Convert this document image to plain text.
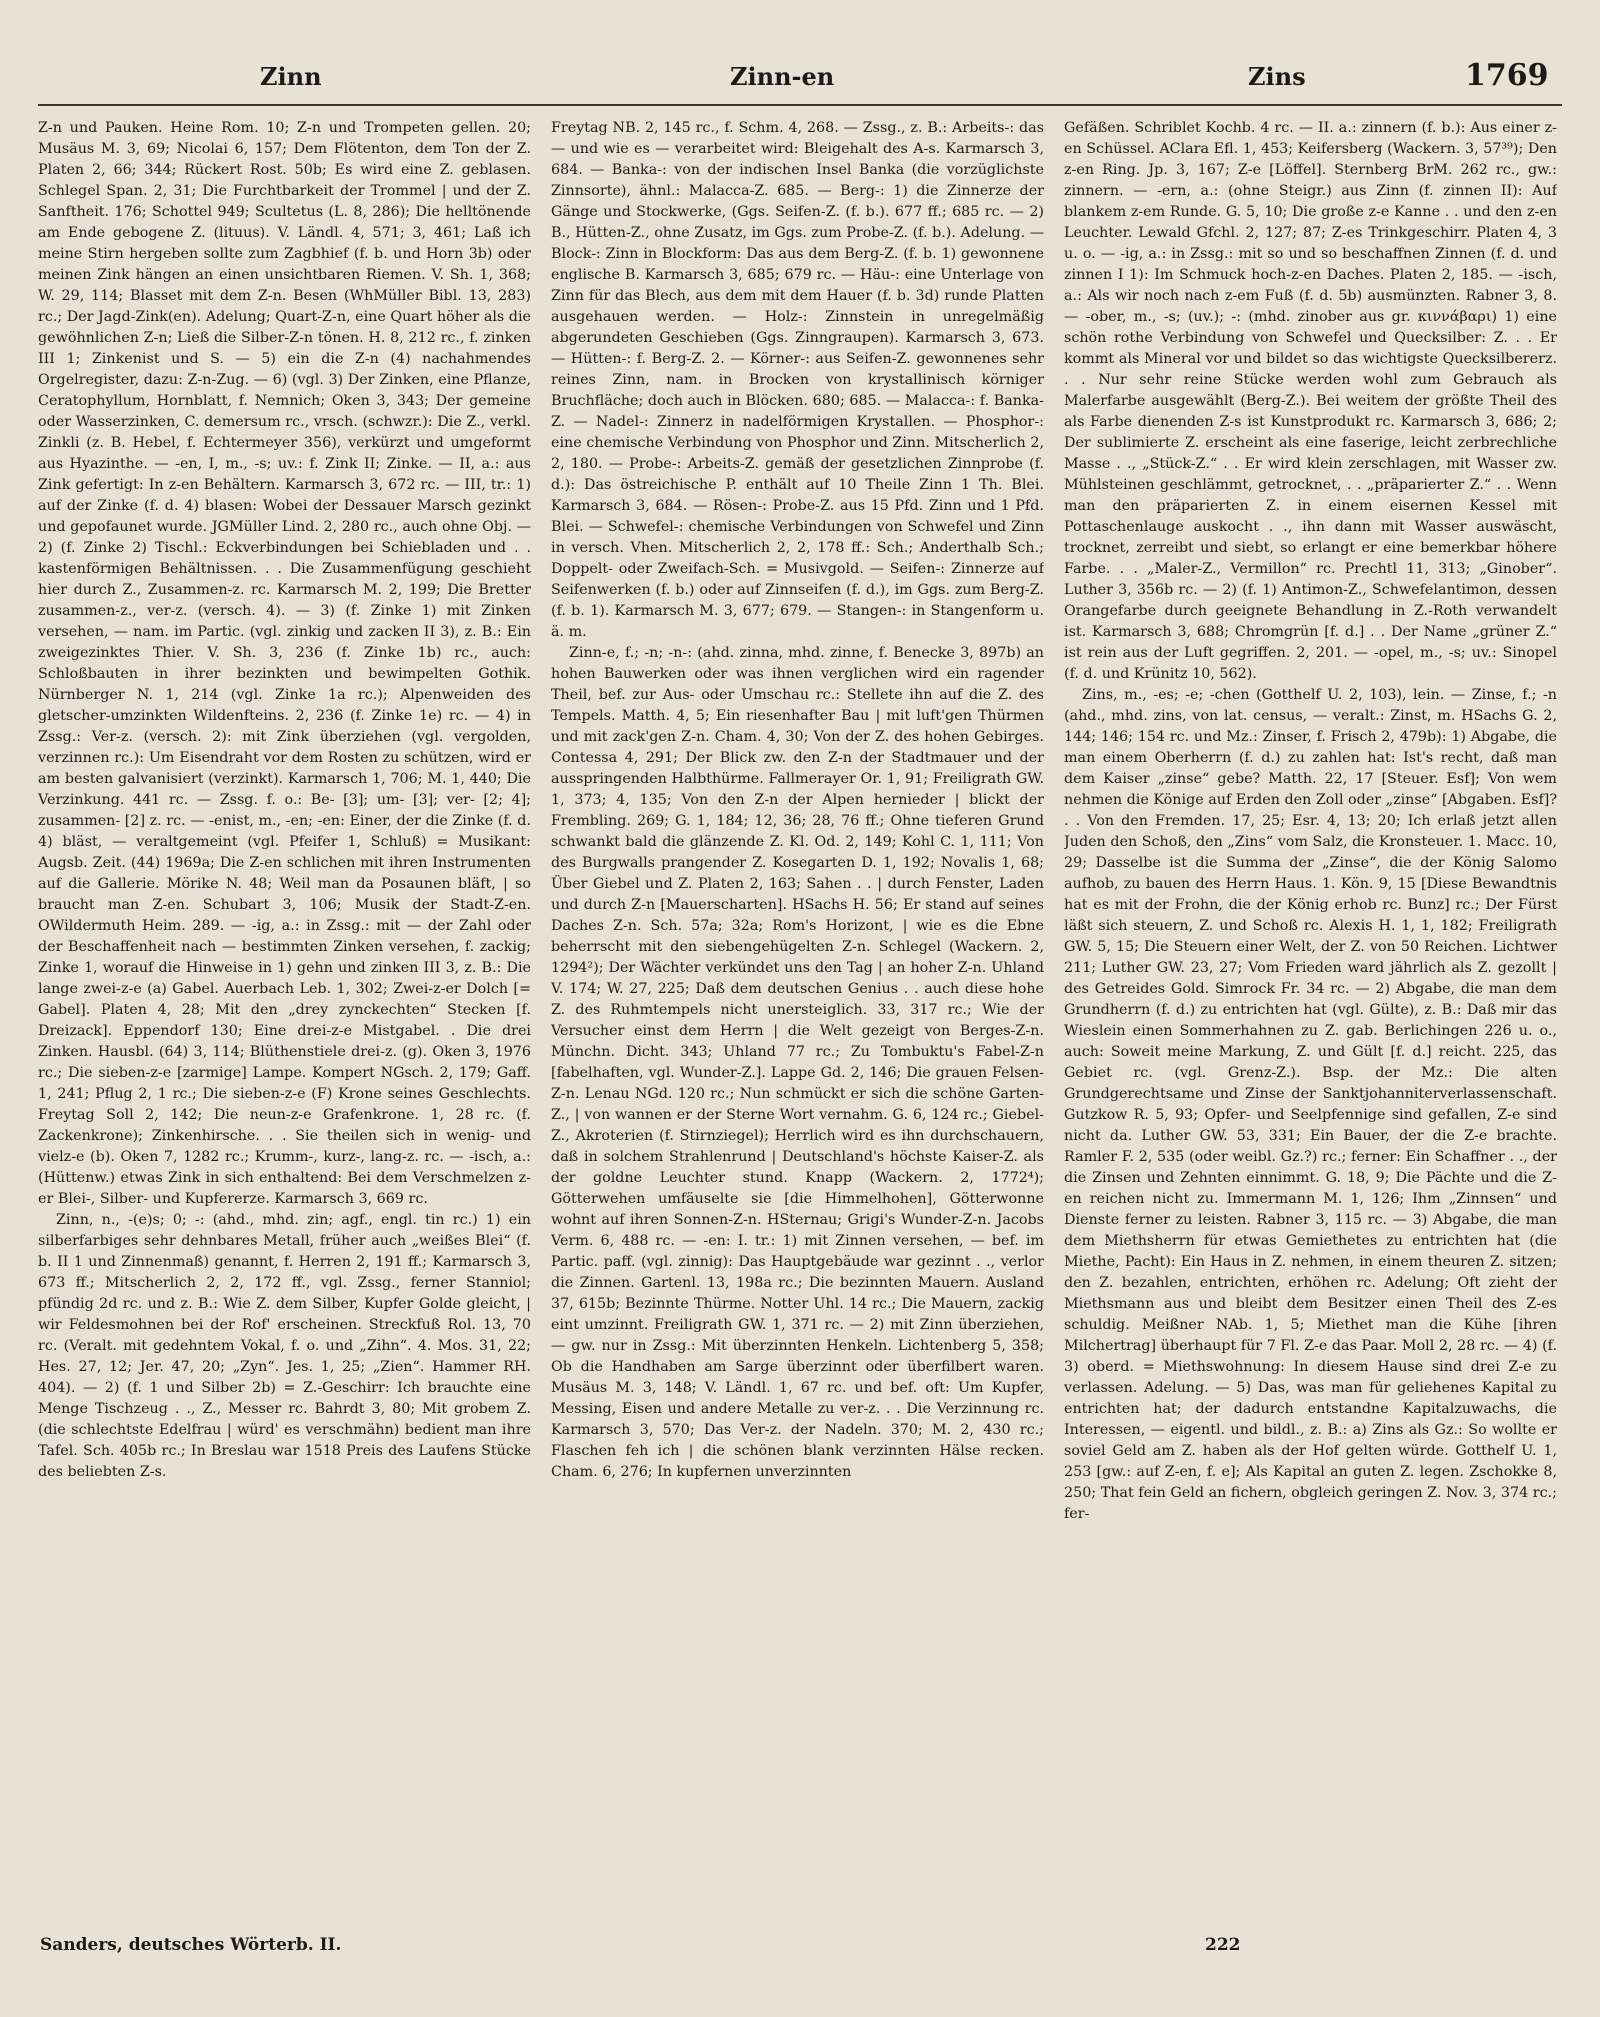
Zinn	Zinn-en	Zins	1769

Z-n und Pauken. Heine Rom. 10; Z-n und Trompeten gellen. 20; Musäus M. 3, 69; Nicolai 6, 157; Dem Flötenton, dem Ton der Z. Platen 2, 66; 344; Rückert Rost. 50b; Es wird eine Z. geblasen. Schlegel Span. 2, 31; Die Furchtbarkeit der Trommel | und der Z. Sanftheit. 176; Schottel 949; Scultetus (L. 8, 286); Die helltönende am Ende gebogene Z. (lituus). V. Ländl. 4, 571; 3, 461; Laß ich meine Stirn hergeben sollte zum Zagbhief (f. b. und Horn 3b) oder meinen Zink hängen an einen unsichtbaren Riemen. V. Sh. 1, 368; W. 29, 114; Blasset mit dem Z-n. Besen (WhMüller Bibl. 13, 283) rc.; Der Jagd-Zink(en). Adelung; Quart-Z-n, eine Quart höher als die gewöhnlichen Z-n; Ließ die Silber-Z-n tönen. H. 8, 212 rc., f. zinken III 1; Zinkenist und S. — 5) ein die Z-n (4) nachahmendes Orgelregister, dazu: Z-n-Zug. — 6) (vgl. 3) Der Zinken, eine Pflanze, Ceratophyllum, Hornblatt, f. Nemnich; Oken 3, 343; Der gemeine oder Wasserzinken, C. demersum rc., vrsch. (schwzr.): Die Z., verkl. Zinkli (z. B. Hebel, f. Echtermeyer 356), verkürzt und umgeformt aus Hyazinthe. — -en, I, m., -s; uv.: f. Zink II; Zinke. — II, a.: aus Zink gefertigt: In z-en Behältern. Karmarsch 3, 672 rc. — III, tr.: 1) auf der Zinke (f. d. 4) blasen: Wobei der Dessauer Marsch gezinkt und gepofaunet wurde. JGMüller Lind. 2, 280 rc., auch ohne Obj. — 2) (f. Zinke 2) Tischl.: Eckverbindungen bei Schiebladen und . . kastenförmigen Behältnissen. . . Die Zusammenfügung geschieht hier durch Z., Zusammen-z. rc. Karmarsch M. 2, 199; Die Bretter zusammen-z., ver-z. (versch. 4). — 3) (f. Zinke 1) mit Zinken versehen, — nam. im Partic. (vgl. zinkig und zacken II 3), z. B.: Ein zweigezinktes Thier. V. Sh. 3, 236 (f. Zinke 1b) rc., auch: Schloßbauten in ihrer bezinkten und bewimpelten Gothik. Nürnberger N. 1, 214 (vgl. Zinke 1a rc.); Alpenweiden des gletscher-umzinkten Wildenfteins. 2, 236 (f. Zinke 1e) rc. — 4) in Zssg.: Ver-z. (versch. 2): mit Zink überziehen (vgl. vergolden, verzinnen rc.): Um Eisendraht vor dem Rosten zu schützen, wird er am besten galvanisiert (verzinkt). Karmarsch 1, 706; M. 1, 440; Die Verzinkung. 441 rc. — Zssg. f. o.: Be- [3]; um- [3]; ver- [2; 4]; zusammen- [2] z. rc. — -enist, m., -en; -en: Einer, der die Zinke (f. d. 4) bläst, — veraltgemeint (vgl. Pfeifer 1, Schluß) = Musikant: Augsb. Zeit. (44) 1969a; Die Z-en schlichen mit ihren Instrumenten auf die Gallerie. Mörike N. 48; Weil man da Posaunen bläft, | so braucht man Z-en. Schubart 3, 106; Musik der Stadt-Z-en. OWildermuth Heim. 289. — -ig, a.: in Zssg.: mit — der Zahl oder der Beschaffenheit nach — bestimmten Zinken versehen, f. zackig; Zinke 1, worauf die Hinweise in 1) gehn und zinken III 3, z. B.: Die lange zwei-z-e (a) Gabel. Auerbach Leb. 1, 302; Zwei-z-er Dolch [= Gabel]. Platen 4, 28; Mit den „drey zynckechten“ Stecken [f. Dreizack]. Eppendorf 130; Eine drei-z-e Mistgabel. . Die drei Zinken. Hausbl. (64) 3, 114; Blüthenstiele drei-z. (g). Oken 3, 1976 rc.; Die sieben-z-e [zarmige] Lampe. Kompert NGsch. 2, 179; Gaff. 1, 241; Pflug 2, 1 rc.; Die sieben-z-e (F) Krone seines Geschlechts. Freytag Soll 2, 142; Die neun-z-e Grafenkrone. 1, 28 rc. (f. Zackenkrone); Zinkenhirsche. . . Sie theilen sich in wenig- und vielz-e (b). Oken 7, 1282 rc.; Krumm-, kurz-, lang-z. rc. — -isch, a.: (Hüttenw.) etwas Zink in sich enthaltend: Bei dem Verschmelzen z-er Blei-, Silber- und Kupfererze. Karmarsch 3, 669 rc.

Zinn, n., -(e)s; 0; -: (ahd., mhd. zin; agf., engl. tin rc.) 1) ein silberfarbiges sehr dehnbares Metall, früher auch „weißes Blei“ (f. b. II 1 und Zinnenmaß) genannt, f. Herren 2, 191 ff.; Karmarsch 3, 673 ff.; Mitscherlich 2, 2, 172 ff., vgl. Zssg., ferner Stanniol; pfündig 2d rc. und z. B.: Wie Z. dem Silber, Kupfer Golde gleicht, | wir Feldesmohnen bei der Rof' erscheinen. Streckfuß Rol. 13, 70 rc. (Veralt. mit gedehntem Vokal, f. o. und „Zihn“. 4. Mos. 31, 22; Hes. 27, 12; Jer. 47, 20; „Zyn“. Jes. 1, 25; „Zien“. Hammer RH. 404). — 2) (f. 1 und Silber 2b) = Z.-Geschirr: Ich brauchte eine Menge Tischzeug . ., Z., Messer rc. Bahrdt 3, 80; Mit grobem Z. (die schlechtste Edelfrau | würd' es verschmähn) bedient man ihre Tafel. Sch. 405b rc.; In Breslau war 1518 Preis des Laufens Stücke des beliebten Z-s.

Freytag NB. 2, 145 rc., f. Schm. 4, 268. — Zssg., z. B.: Arbeits-: das — und wie es — verarbeitet wird: Bleigehalt des A-s. Karmarsch 3, 684. — Banka-: von der indischen Insel Banka (die vorzüglichste Zinnsorte), ähnl.: Malacca-Z. 685. — Berg-: 1) die Zinnerze der Gänge und Stockwerke, (Ggs. Seifen-Z. (f. b.). 677 ff.; 685 rc. — 2) B., Hütten-Z., ohne Zusatz, im Ggs. zum Probe-Z. (f. b.). Adelung. — Block-: Zinn in Blockform: Das aus dem Berg-Z. (f. b. 1) gewonnene englische B. Karmarsch 3, 685; 679 rc. — Häu-: eine Unterlage von Zinn für das Blech, aus dem mit dem Hauer (f. b. 3d) runde Platten ausgehauen werden. — Holz-: Zinnstein in unregelmäßig abgerundeten Geschieben (Ggs. Zinngraupen). Karmarsch 3, 673. — Hütten-: f. Berg-Z. 2. — Körner-: aus Seifen-Z. gewonnenes sehr reines Zinn, nam. in Brocken von krystallinisch körniger Bruchfläche; doch auch in Blöcken. 680; 685. — Malacca-: f. Banka-Z. — Nadel-: Zinnerz in nadelförmigen Krystallen. — Phosphor-: eine chemische Verbindung von Phosphor und Zinn. Mitscherlich 2, 2, 180. — Probe-: Arbeits-Z. gemäß der gesetzlichen Zinnprobe (f. d.): Das östreichische P. enthält auf 10 Theile Zinn 1 Th. Blei. Karmarsch 3, 684. — Rösen-: Probe-Z. aus 15 Pfd. Zinn und 1 Pfd. Blei. — Schwefel-: chemische Verbindungen von Schwefel und Zinn in versch. Vhen. Mitscherlich 2, 2, 178 ff.: Sch.; Anderthalb Sch.; Doppelt- oder Zweifach-Sch. = Musivgold. — Seifen-: Zinnerze auf Seifenwerken (f. b.) oder auf Zinnseifen (f. d.), im Ggs. zum Berg-Z. (f. b. 1). Karmarsch M. 3, 677; 679. — Stangen-: in Stangenform u. ä. m.

Zinn-e, f.; -n; -n-: (ahd. zinna, mhd. zinne, f. Benecke 3, 897b) an hohen Bauwerken oder was ihnen verglichen wird ein ragender Theil, bef. zur Aus- oder Umschau rc.: Stellete ihn auf die Z. des Tempels. Matth. 4, 5; Ein riesenhafter Bau | mit luft'gen Thürmen und mit zack'gen Z-n. Cham. 4, 30; Von der Z. des hohen Gebirges. Contessa 4, 291; Der Blick zw. den Z-n der Stadtmauer und der ausspringenden Halbthürme. Fallmerayer Or. 1, 91; Freiligrath GW. 1, 373; 4, 135; Von den Z-n der Alpen hernieder | blickt der Frembling. 269; G. 1, 184; 12, 36; 28, 76 ff.; Ohne tieferen Grund schwankt bald die glänzende Z. Kl. Od. 2, 149; Kohl C. 1, 111; Von des Burgwalls prangender Z. Kosegarten D. 1, 192; Novalis 1, 68; Über Giebel und Z. Platen 2, 163; Sahen . . | durch Fenster, Laden und durch Z-n [Mauerscharten]. HSachs H. 56; Er stand auf seines Daches Z-n. Sch. 57a; 32a; Rom's Horizont, | wie es die Ebne beherrscht mit den siebengehügelten Z-n. Schlegel (Wackern. 2, 1294²); Der Wächter verkündet uns den Tag | an hoher Z-n. Uhland V. 174; W. 27, 225; Daß dem deutschen Genius . . auch diese hohe Z. des Ruhmtempels nicht unersteiglich. 33, 317 rc.; Wie der Versucher einst dem Herrn | die Welt gezeigt von Berges-Z-n. Münchn. Dicht. 343; Uhland 77 rc.; Zu Tombuktu's Fabel-Z-n [fabelhaften, vgl. Wunder-Z.]. Lappe Gd. 2, 146; Die grauen Felsen-Z-n. Lenau NGd. 120 rc.; Nun schmückt er sich die schöne Garten-Z., | von wannen er der Sterne Wort vernahm. G. 6, 124 rc.; Giebel-Z., Akroterien (f. Stirnziegel); Herrlich wird es ihn durchschauern, daß in solchem Strahlenrund | Deutschland's höchste Kaiser-Z. als der goldne Leuchter stund. Knapp (Wackern. 2, 1772⁴); Götterwehen umfäuselte sie [die Himmelhohen], Götterwonne wohnt auf ihren Sonnen-Z-n. HSternau; Grigi's Wunder-Z-n. Jacobs Verm. 6, 488 rc. — -en: I. tr.: 1) mit Zinnen versehen, — bef. im Partic. paff. (vgl. zinnig): Das Hauptgebäude war gezinnt . ., verlor die Zinnen. Gartenl. 13, 198a rc.; Die bezinnten Mauern. Ausland 37, 615b; Bezinnte Thürme. Notter Uhl. 14 rc.; Die Mauern, zackig eint umzinnt. Freiligrath GW. 1, 371 rc. — 2) mit Zinn überziehen, — gw. nur in Zssg.: Mit überzinnten Henkeln. Lichtenberg 5, 358; Ob die Handhaben am Sarge überzinnt oder überfilbert waren. Musäus M. 3, 148; V. Ländl. 1, 67 rc. und bef. oft: Um Kupfer, Messing, Eisen und andere Metalle zu ver-z. . . Die Verzinnung rc. Karmarsch 3, 570; Das Ver-z. der Nadeln. 370; M. 2, 430 rc.; Flaschen feh ich | die schönen blank verzinnten Hälse recken. Cham. 6, 276; In kupfernen unverzinnten

Gefäßen. Schriblet Kochb. 4 rc. — II. a.: zinnern (f. b.): Aus einer z-en Schüssel. AClara Efl. 1, 453; Keifersberg (Wackern. 3, 57³⁹); Den z-en Ring. Jp. 3, 167; Z-e [Löffel]. Sternberg BrM. 262 rc., gw.: zinnern. — -ern, a.: (ohne Steigr.) aus Zinn (f. zinnen II): Auf blankem z-em Runde. G. 5, 10; Die große z-e Kanne . . und den z-en Leuchter. Lewald Gfchl. 2, 127; 87; Z-es Trinkgeschirr. Platen 4, 3 u. o. — -ig, a.: in Zssg.: mit so und so beschaffnen Zinnen (f. d. und zinnen I 1): Im Schmuck hoch-z-en Daches. Platen 2, 185. — -isch, a.: Als wir noch nach z-em Fuß (f. d. 5b) ausmünzten. Rabner 3, 8. — -ober, m., -s; (uv.); -: (mhd. zinober aus gr. κιννάβαρι) 1) eine schön rothe Verbindung von Schwefel und Quecksilber: Z. . . Er kommt als Mineral vor und bildet so das wichtigste Quecksilbererz. . . Nur sehr reine Stücke werden wohl zum Gebrauch als Malerfarbe ausgewählt (Berg-Z.). Bei weitem der größte Theil des als Farbe dienenden Z-s ist Kunstprodukt rc. Karmarsch 3, 686; 2; Der sublimierte Z. erscheint als eine faserige, leicht zerbrechliche Masse . ., „Stück-Z.“ . . Er wird klein zerschlagen, mit Wasser zw. Mühlsteinen geschlämmt, getrocknet, . . „präparierter Z.“ . . Wenn man den präparierten Z. in einem eisernen Kessel mit Pottaschenlauge auskocht . ., ihn dann mit Wasser auswäscht, trocknet, zerreibt und siebt, so erlangt er eine bemerkbar höhere Farbe. . . „Maler-Z., Vermillon“ rc. Prechtl 11, 313; „Ginober“. Luther 3, 356b rc. — 2) (f. 1) Antimon-Z., Schwefelantimon, dessen Orangefarbe durch geeignete Behandlung in Z.-Roth verwandelt ist. Karmarsch 3, 688; Chromgrün [f. d.] . . Der Name „grüner Z.“ ist rein aus der Luft gegriffen. 2, 201. — -opel, m., -s; uv.: Sinopel (f. d. und Krünitz 10, 562).

Zins, m., -es; -e; -chen (Gotthelf U. 2, 103), lein. — Zinse, f.; -n (ahd., mhd. zins, von lat. census, — veralt.: Zinst, m. HSachs G. 2, 144; 146; 154 rc. und Mz.: Zinser, f. Frisch 2, 479b): 1) Abgabe, die man einem Oberherrn (f. d.) zu zahlen hat: Ist's recht, daß man dem Kaiser „zinse“ gebe? Matth. 22, 17 [Steuer. Esf]; Von wem nehmen die Könige auf Erden den Zoll oder „zinse“ [Abgaben. Esf]? . . Von den Fremden. 17, 25; Esr. 4, 13; 20; Ich erlaß jetzt allen Juden den Schoß, den „Zins“ vom Salz, die Kronsteuer. 1. Macc. 10, 29; Dasselbe ist die Summa der „Zinse“, die der König Salomo aufhob, zu bauen des Herrn Haus. 1. Kön. 9, 15 [Diese Bewandtnis hat es mit der Frohn, die der König erhob rc. Bunz] rc.; Der Fürst läßt sich steuern, Z. und Schoß rc. Alexis H. 1, 1, 182; Freiligrath GW. 5, 15; Die Steuern einer Welt, der Z. von 50 Reichen. Lichtwer 211; Luther GW. 23, 27; Vom Frieden ward jährlich als Z. gezollt | des Getreides Gold. Simrock Fr. 34 rc. — 2) Abgabe, die man dem Grundherrn (f. d.) zu entrichten hat (vgl. Gülte), z. B.: Daß mir das Wieslein einen Sommerhahnen zu Z. gab. Berlichingen 226 u. o., auch: Soweit meine Markung, Z. und Gült [f. d.] reicht. 225, das Gebiet rc. (vgl. Grenz-Z.). Bsp. der Mz.: Die alten Grundgerechtsame und Zinse der Sanktjohanniterverlassenschaft. Gutzkow R. 5, 93; Opfer- und Seelpfennige sind gefallen, Z-e sind nicht da. Luther GW. 53, 331; Ein Bauer, der die Z-e brachte. Ramler F. 2, 535 (oder weibl. Gz.?) rc.; ferner: Ein Schaffner . ., der die Zinsen und Zehnten einnimmt. G. 18, 9; Die Pächte und die Z-en reichen nicht zu. Immermann M. 1, 126; Ihm „Zinnsen“ und Dienste ferner zu leisten. Rabner 3, 115 rc. — 3) Abgabe, die man dem Miethsherrn für etwas Gemiethetes zu entrichten hat (die Miethe, Pacht): Ein Haus in Z. nehmen, in einem theuren Z. sitzen; den Z. bezahlen, entrichten, erhöhen rc. Adelung; Oft zieht der Miethsmann aus und bleibt dem Besitzer einen Theil des Z-es schuldig. Meißner NAb. 1, 5; Miethet man die Kühe [ihren Milchertrag] überhaupt für 7 Fl. Z-e das Paar. Moll 2, 28 rc. — 4) (f. 3) oberd. = Miethswohnung: In diesem Hause sind drei Z-e zu verlassen. Adelung. — 5) Das, was man für geliehenes Kapital zu entrichten hat; der dadurch entstandne Kapitalzuwachs, die Interessen, — eigentl. und bildl., z. B.: a) Zins als Gz.: So wollte er soviel Geld am Z. haben als der Hof gelten würde. Gotthelf U. 1, 253 [gw.: auf Z-en, f. e]; Als Kapital an guten Z. legen. Zschokke 8, 250; That fein Geld an fichern, obgleich geringen Z. Nov. 3, 374 rc.; fer-

Sanders, deutsches Wörterb. II.	222
